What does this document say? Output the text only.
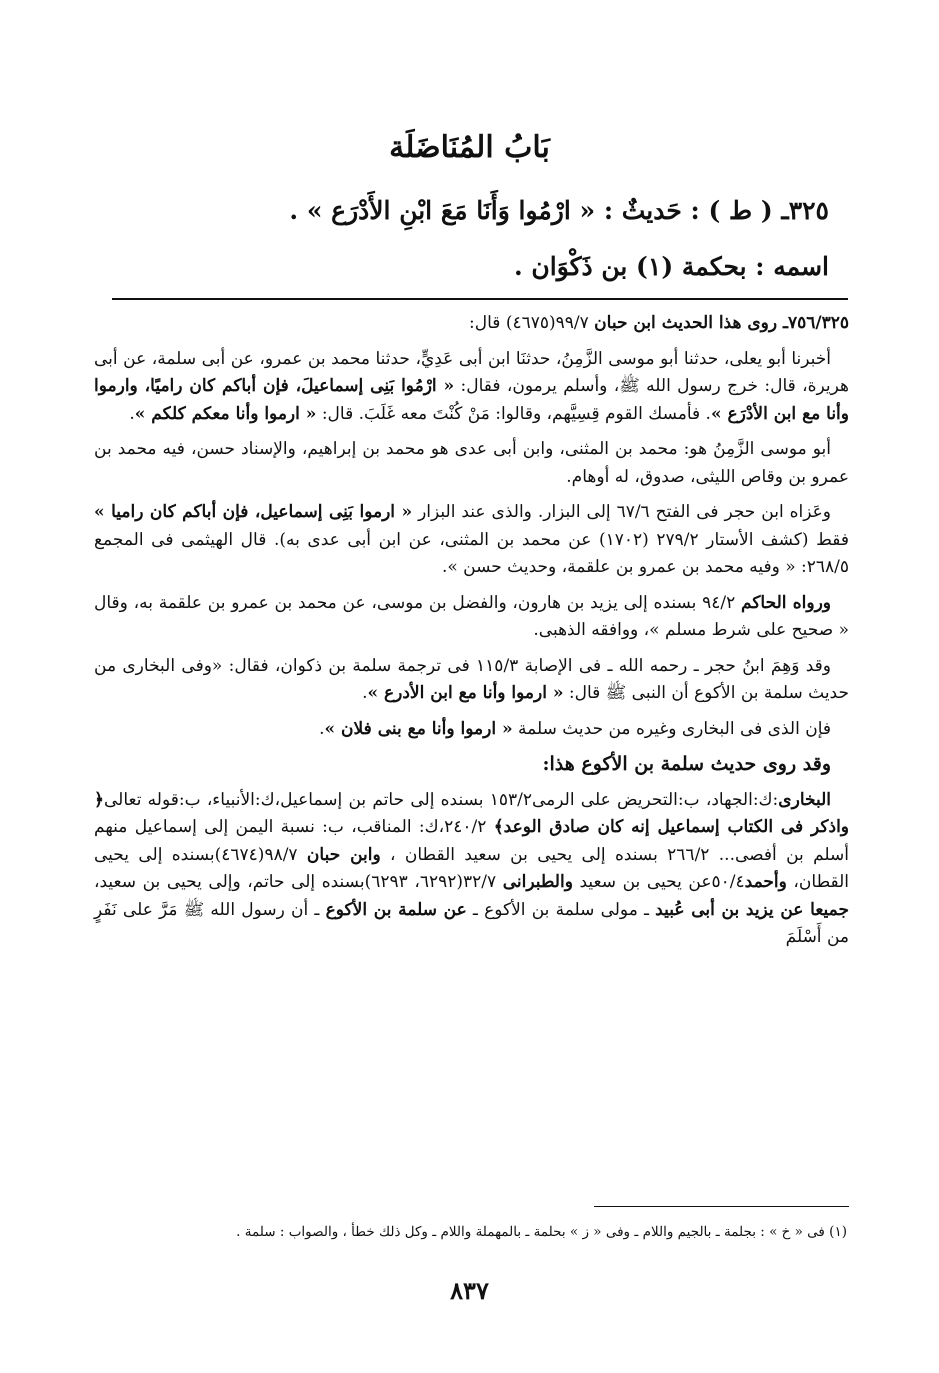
بَابُ المُنَاضَلَة

٣٢٥ـ ( ط ) : حَديثٌ : « ارْمُوا وَأَنَا مَعَ ابْنِ الأَدْرَع » .

اسمه : بحكمة (١) بن ذَكْوَان .

٧٥٦/٣٢٥ـ روى هذا الحديث ابن حبان ٩٩/٧(٤٦٧٥) قال:

أخبرنا أبو يعلى، حدثنا أبو موسى الزَّمِنُ، حدثنَا ابن أبى عَدِيٍّ، حدثنا محمد بن عمرو، عن أبى سلمة، عن أبى هريرة، قال: خرج رسول الله ﷺ، وأسلم يرمون، فقال: « ارْمُوا بَنِى إسماعيلَ، فإن أباكم كان راميًا، وارموا وأنا مع ابن الأدْرَع ». فأمسك القوم قِسِيَّهم، وقالوا: مَنْ كُنْتَ معه غَلَبَ. قال: « ارموا وأنا معكم كلكم ».

أبو موسى الزَّمِنُ هو: محمد بن المثنى، وابن أبى عدى هو محمد بن إبراهيم، والإسناد حسن، فيه محمد بن عمرو بن وقاص الليثى، صدوق، له أوهام.

وعَزاه ابن حجر فى الفتح ٦٧/٦ إلى البزار. والذى عند البزار « ارموا بَنِى إسماعيل، فإن أباكم كان راميا » فقط (كشف الأستار ٢٧٩/٢ (١٧٠٢) عن محمد بن المثنى، عن ابن أبى عدى به). قال الهيثمى فى المجمع ٢٦٨/٥: « وفيه محمد بن عمرو بن علقمة، وحديث حسن ».

ورواه الحاكم ٩٤/٢ بسنده إلى يزيد بن هارون، والفضل بن موسى، عن محمد بن عمرو بن علقمة به، وقال « صحيح على شرط مسلم »، ووافقه الذهبى.

وقد وَهِمَ ابنُ حجر ـ رحمه الله ـ فى الإصابة ١١٥/٣ فى ترجمة سلمة بن ذكوان، فقال: «وفى البخارى من حديث سلمة بن الأكوع أن النبى ﷺ قال: « ارموا وأنا مع ابن الأدرع ».

فإن الذى فى البخارى وغيره من حديث سلمة « ارموا وأنا مع بنى فلان ».

وقد روى حديث سلمة بن الأكوع هذا:

البخارى:ك:الجهاد، ب:التحريض على الرمى١٥٣/٢ بسنده إلى حاتم بن إسماعيل،ك:الأنبياء، ب:قوله تعالى﴿ واذكر فى الكتاب إسماعيل إنه كان صادق الوعد﴾ ٢٤٠/٢،ك: المناقب، ب: نسبة اليمن إلى إسماعيل منهم أسلم بن أفصى... ٢٦٦/٢ بسنده إلى يحيى بن سعيد القطان ، وابن حبان ٩٨/٧(٤٦٧٤)بسنده إلى يحيى القطان، وأحمد٥٠/٤عن يحيى بن سعيد والطبرانى ٣٢/٧(٦٢٩٢، ٦٢٩٣)بسنده إلى حاتم، وإلى يحيى بن سعيد، جميعا عن يزيد بن أبى عُبيد ـ مولى سلمة بن الأكوع ـ عن سلمة بن الأكوع ـ أن رسول الله ﷺ مَرَّ على نَفَرٍ من أَسْلَمَ

(١) فى « خ » : بجلمة ـ بالجيم واللام ـ وفى « ز » بحلمة ـ بالمهملة واللام ـ وكل ذلك خطأ ، والصواب : سلمة .

٨٣٧
